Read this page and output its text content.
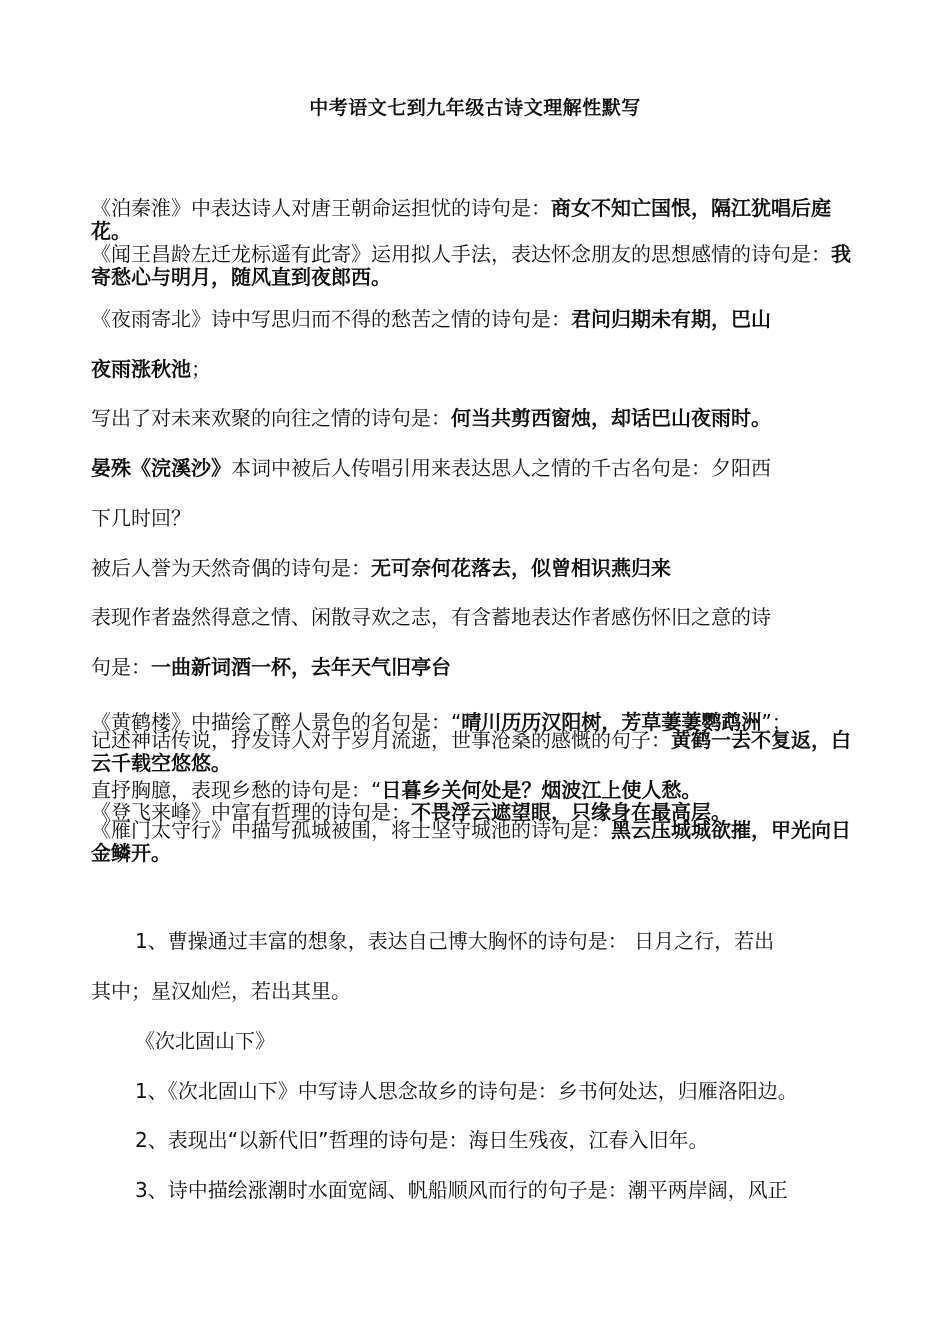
中考语文七到九年级古诗文理解性默写
《泊秦淮》中表达诗人对唐王朝命运担忧的诗句是：商女不知亡国恨，隔江犹唱后庭花。
《闻王昌龄左迁龙标遥有此寄》运用拟人手法，表达怀念朋友的思想感情的诗句是：我寄愁心与明月，随风直到夜郎西。
《夜雨寄北》诗中写思归而不得的愁苦之情的诗句是：君问归期未有期，巴山
夜雨涨秋池；
写出了对未来欢聚的向往之情的诗句是：何当共剪西窗烛，却话巴山夜雨时。
晏殊《浣溪沙》本词中被后人传唱引用来表达思人之情的千古名句是：夕阳西
下几时回？
被后人誉为天然奇偶的诗句是：无可奈何花落去，似曾相识燕归来
表现作者盎然得意之情、闲散寻欢之志，有含蓄地表达作者感伤怀旧之意的诗
句是：一曲新词酒一杯，去年天气旧亭台
《黄鹤楼》中描绘了醉人景色的名句是：“晴川历历汉阳树，芳草萋萋鹦鹉洲”；
记述神话传说，抒发诗人对于岁月流逝，世事沧桑的感慨的句子：黄鹤一去不复返，白云千载空悠悠。
直抒胸臆，表现乡愁的诗句是：“日暮乡关何处是？烟波江上使人愁。
《登飞来峰》中富有哲理的诗句是：不畏浮云遮望眼，只缘身在最高层。
《雁门太守行》中描写孤城被围，将士坚守城池的诗句是：黑云压城城欲摧，甲光向日金鳞开。
1、曹操通过丰富的想象，表达自己博大胸怀的诗句是： 日月之行，若出
其中；星汉灿烂，若出其里。
《次北固山下》
1、《次北固山下》中写诗人思念故乡的诗句是：乡书何处达，归雁洛阳边。
2、表现出“以新代旧”哲理的诗句是：海日生残夜，江春入旧年。
3、诗中描绘涨潮时水面宽阔、帆船顺风而行的句子是：潮平两岸阔，风正
